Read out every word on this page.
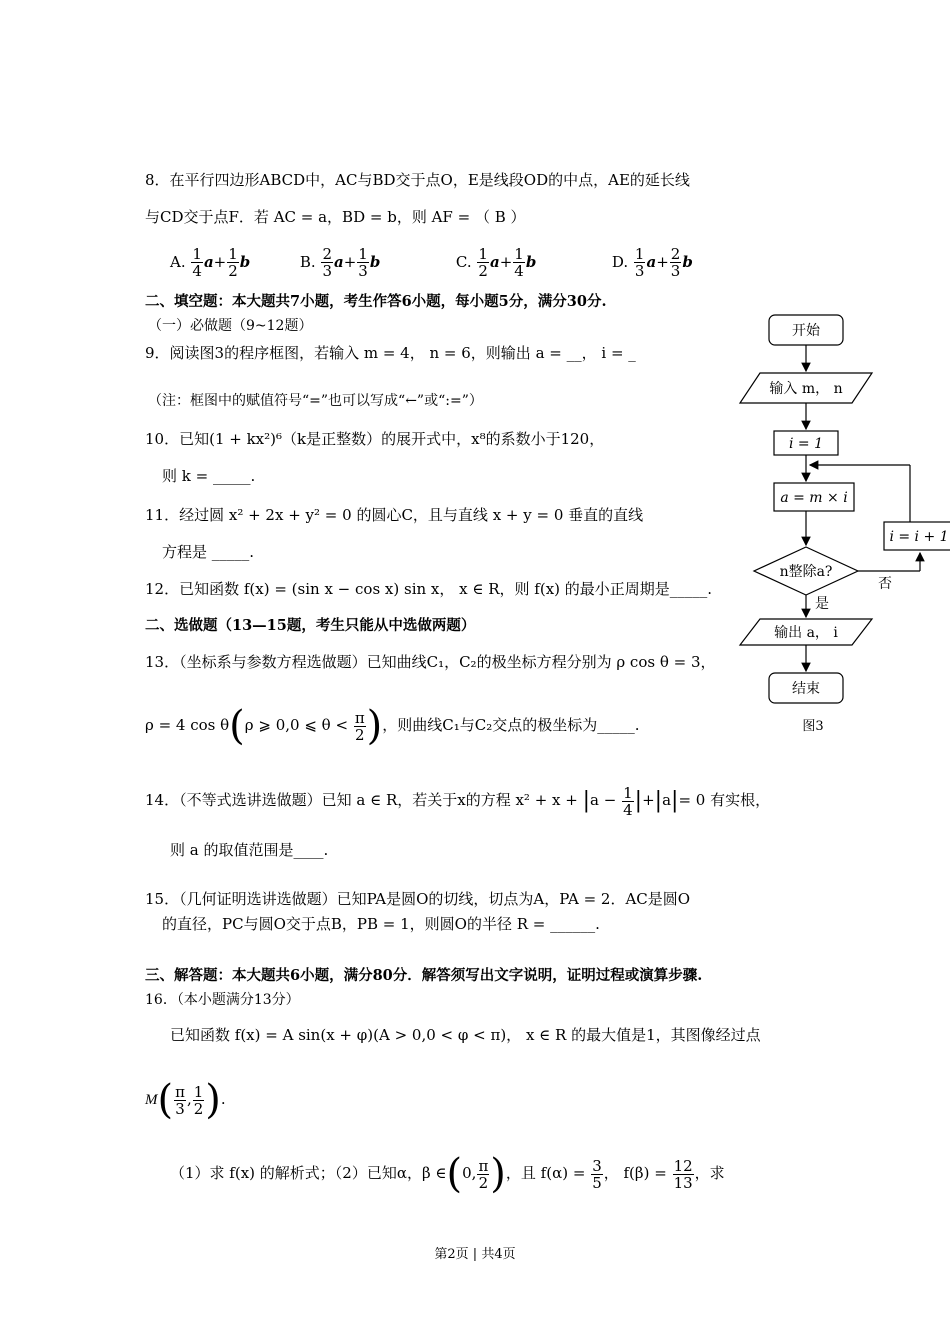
8．在平行四边形ABCD中，AC与BD交于点O，E是线段OD的中点，AE的延长线
与CD交于点F．若 AC = a，BD = b，则 AF = （ B ）
A. $\frac{1}{4} a+ \frac{1}{2}$ b	B. $\frac{2}{3} a+ \frac{1}{3}$ b	C. $\frac{1}{2} a+ \frac{1}{4}$ b	D. $\frac{1}{3} a+ \frac{2}{3}$ b
二、填空题：本大题共7小题，考生作答6小题，每小题5分，满分30分.
（一）必做题（9~12题）
9．阅读图3的程序框图，若输入 m = 4， n = 6，则输出 a = __， i = _
（注：框图中的赋值符号“=”也可以写成“←”或“:=”）
10．已知(1 + kx²)⁶（k是正整数）的展开式中，x⁸的系数小于120，
则 k = _____.
11．经过圆 x² + 2x + y² = 0 的圆心C，且与直线 x + y = 0 垂直的直线
方程是 _____.
12．已知函数 f(x) = (sin x − cos x) sin x， x ∈ R，则 f(x) 的最小正周期是_____.
二、选做题（13—15题，考生只能从中选做两题）
13．（坐标系与参数方程选做题）已知曲线C₁，C₂的极坐标方程分别为 ρ cos θ = 3，
ρ = 4 cos θ(ρ ⩾ 0,0 ⩽ $\theta < \frac{\pi}{2}$ )，则曲线C₁与C₂交点的极坐标为_____.
14．（不等式选讲选做题）已知 a ∈ R，若关于x的方程 $x^2 + x + |a - \frac{1}{4} |+|a|= 0$ 有实根，
则 a 的取值范围是____.
15．（几何证明选讲选做题）已知PA是圆O的切线，切点为A，PA = 2．AC是圆O
的直径，PC与圆O交于点B，PB = 1，则圆O的半径 R = ______.
三、解答题：本大题共6小题，满分80分．解答须写出文字说明，证明过程或演算步骤.
16．（本小题满分13分）
已知函数 f(x) = A sin(x + φ)(A > 0,0 < φ < π)， x ∈ R 的最大值是1，其图像经过点
$M( \frac{\pi}{3}$ , $\frac{1}{2}$ ).
（1）求 f(x) 的解析式；（2）已知α，β ∈(0, $\frac{\pi}{2}$ )，且 $f(\alpha) = \frac{3}{5}$ ， $f(\beta) = \frac{12}{13}$ ，求
开始
输入 m， n
i = 1
a = m × i
n整除a?
是
否
i = i + 1
输出 a， i
结束
图3
第2页 | 共4页
